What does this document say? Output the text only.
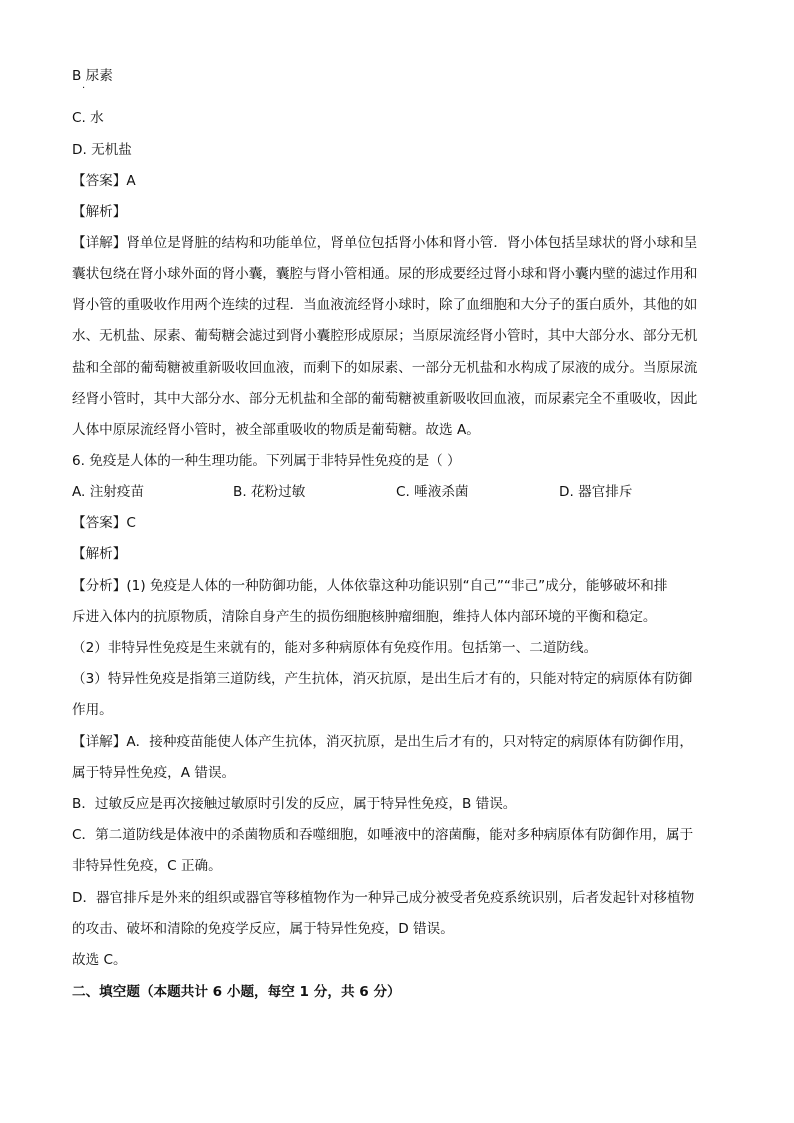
B 尿素
·
C. 水
D. 无机盐
【答案】A
【解析】
【详解】肾单位是肾脏的结构和功能单位，肾单位包括肾小体和肾小管．肾小体包括呈球状的肾小球和呈
囊状包绕在肾小球外面的肾小囊，囊腔与肾小管相通。尿的形成要经过肾小球和肾小囊内壁的滤过作用和
肾小管的重吸收作用两个连续的过程．当血液流经肾小球时，除了血细胞和大分子的蛋白质外，其他的如
水、无机盐、尿素、葡萄糖会滤过到肾小囊腔形成原尿；当原尿流经肾小管时，其中大部分水、部分无机
盐和全部的葡萄糖被重新吸收回血液，而剩下的如尿素、一部分无机盐和水构成了尿液的成分。当原尿流
经肾小管时，其中大部分水、部分无机盐和全部的葡萄糖被重新吸收回血液，而尿素完全不重吸收，因此
人体中原尿流经肾小管时，被全部重吸收的物质是葡萄糖。故选 A。
6. 免疫是人体的一种生理功能。下列属于非特异性免疫的是（ ）
A. 注射疫苗	B. 花粉过敏	C. 唾液杀菌	D. 器官排斥
【答案】C
【解析】
【分析】(1) 免疫是人体的一种防御功能，人体依靠这种功能识别“自己”“非己”成分，能够破坏和排
斥进入体内的抗原物质，清除自身产生的损伤细胞核肿瘤细胞，维持人体内部环境的平衡和稳定。
（2）非特异性免疫是生来就有的，能对多种病原体有免疫作用。包括第一、二道防线。
（3）特异性免疫是指第三道防线，产生抗体，消灭抗原，是出生后才有的，只能对特定的病原体有防御
作用。
【详解】A．接种疫苗能使人体产生抗体，消灭抗原，是出生后才有的，只对特定的病原体有防御作用，
属于特异性免疫，A 错误。
B．过敏反应是再次接触过敏原时引发的反应，属于特异性免疫，B 错误。
C．第二道防线是体液中的杀菌物质和吞噬细胞，如唾液中的溶菌酶，能对多种病原体有防御作用，属于
非特异性免疫，C 正确。
D．器官排斥是外来的组织或器官等移植物作为一种异己成分被受者免疫系统识别，后者发起针对移植物
的攻击、破坏和清除的免疫学反应，属于特异性免疫，D 错误。
故选 C。
二、填空题（本题共计 6 小题，每空 1 分，共 6 分）
